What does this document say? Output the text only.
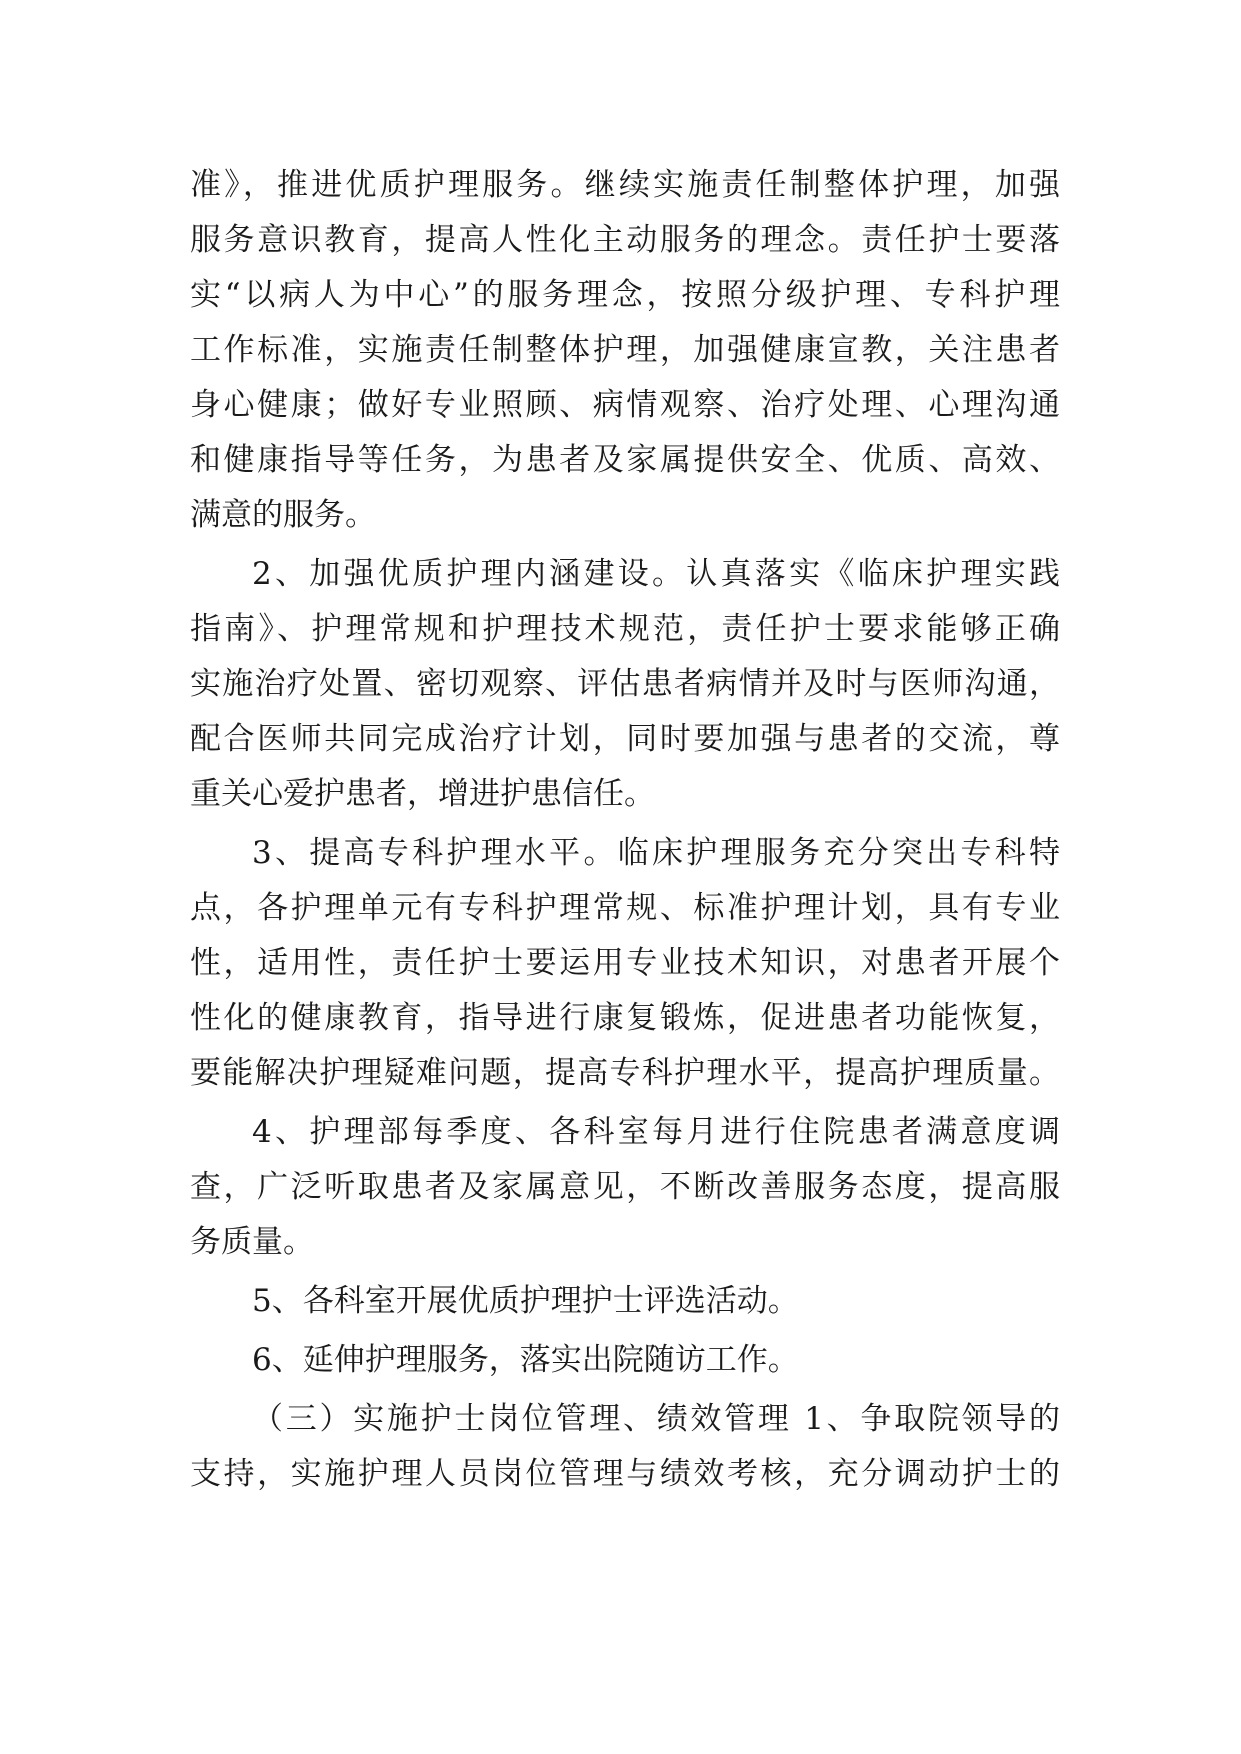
准》，推进优质护理服务。继续实施责任制整体护理，加强
服务意识教育，提高人性化主动服务的理念。责任护士要落
实“以病人为中心”的服务理念，按照分级护理、专科护理
工作标准，实施责任制整体护理，加强健康宣教，关注患者
身心健康；做好专业照顾、病情观察、治疗处理、心理沟通
和健康指导等任务，为患者及家属提供安全、优质、高效、
满意的服务。
2、加强优质护理内涵建设。认真落实《临床护理实践
指南》、护理常规和护理技术规范，责任护士要求能够正确
实施治疗处置、密切观察、评估患者病情并及时与医师沟通，
配合医师共同完成治疗计划，同时要加强与患者的交流，尊
重关心爱护患者，增进护患信任。
3、提高专科护理水平。临床护理服务充分突出专科特
点，各护理单元有专科护理常规、标准护理计划，具有专业
性，适用性，责任护士要运用专业技术知识，对患者开展个
性化的健康教育，指导进行康复锻炼，促进患者功能恢复，
要能解决护理疑难问题，提高专科护理水平，提高护理质量。
4、护理部每季度、各科室每月进行住院患者满意度调
查，广泛听取患者及家属意见，不断改善服务态度，提高服
务质量。
5、各科室开展优质护理护士评选活动。
6、延伸护理服务，落实出院随访工作。
（三）实施护士岗位管理、绩效管理 1、争取院领导的
支持，实施护理人员岗位管理与绩效考核，充分调动护士的
